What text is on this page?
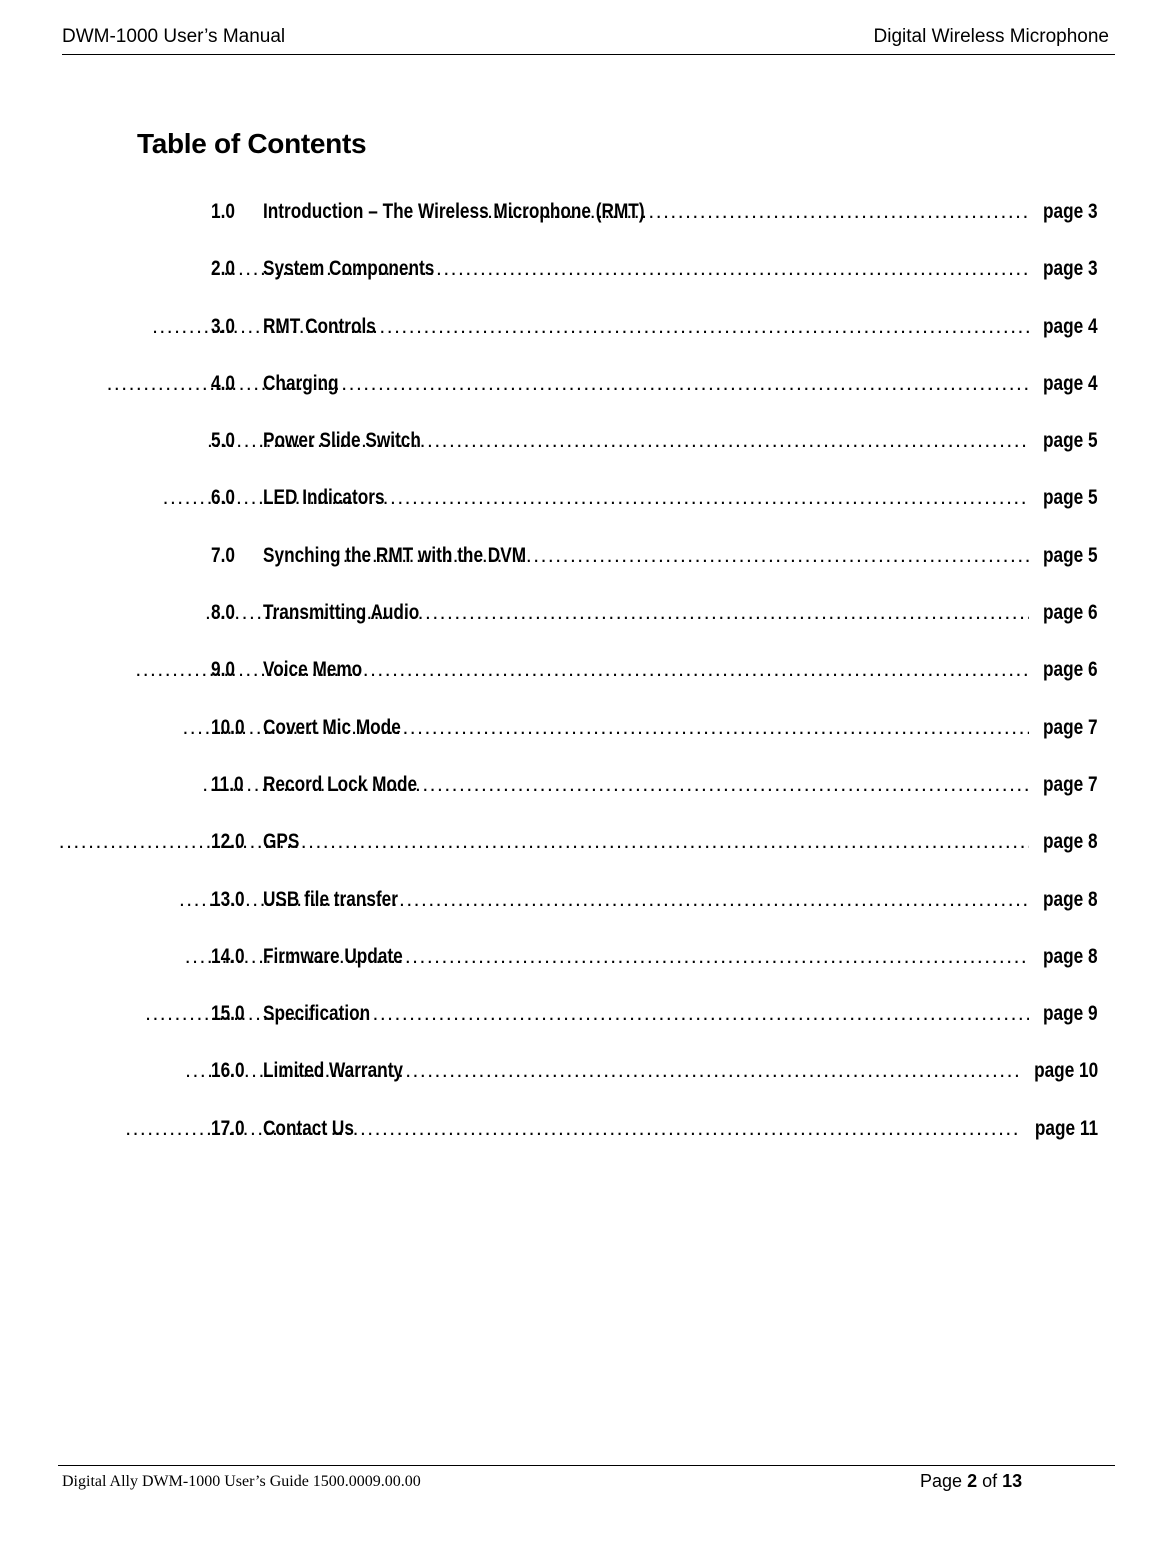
DWM-1000 User’s Manual	Digital Wireless Microphone
Table of Contents
1.0	Introduction – The Wireless Microphone (RMT) .....	page 3
2.0	System Components .....	page 3
3.0	RMT Controls .....	page 4
4.0	Charging .....	page 4
5.0	Power Slide Switch .....	page 5
6.0	LED Indicators .....	page 5
7.0	Synching the RMT with the DVM .....	page 5
8.0	Transmitting Audio .....	page 6
9.0	Voice Memo .....	page 6
10.0 Covert Mic Mode .....	page 7
11.0 Record Lock Mode .....	page 7
12.0 GPS .....	page 8
13.0 USB file transfer .....	page 8
14.0 Firmware Update .....	page 8
15.0 Specification .....	page 9
16.0 Limited Warranty .....	page 10
17.0 Contact Us .....	page 11
Digital Ally DWM-1000 User’s Guide 1500.0009.00.00	Page 2 of 13
